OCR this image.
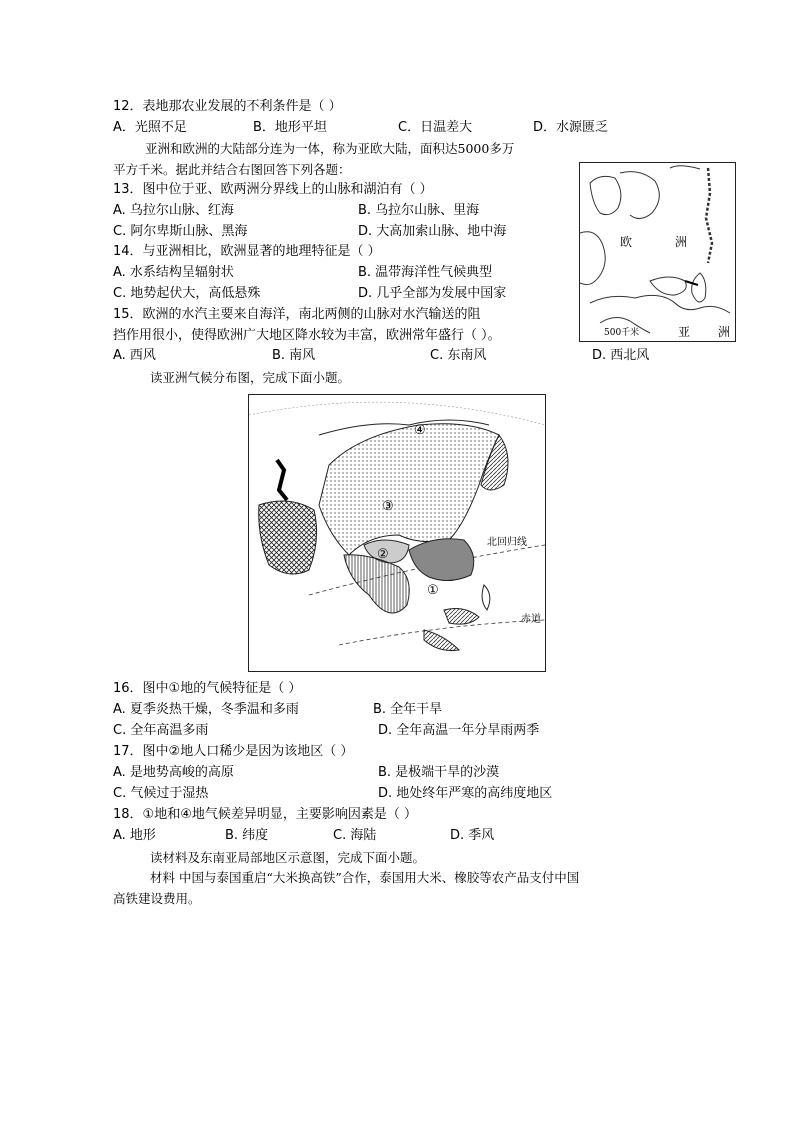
12．表地那农业发展的不利条件是（ ）
A．光照不足	B．地形平坦	C．日温差大	D．水源匮乏
亚洲和欧洲的大陆部分连为一体，称为亚欧大陆，面积达5000多万
平方千米。据此并结合右图回答下列各题：
13．图中位于亚、欧两洲分界线上的山脉和湖泊有（ ）
A. 乌拉尔山脉、红海	B. 乌拉尔山脉、里海
C. 阿尔卑斯山脉、黑海	D. 大高加索山脉、地中海
14．与亚洲相比，欧洲显著的地理特征是（ ）
A. 水系结构呈辐射状	B. 温带海洋性气候典型
C. 地势起伏大，高低悬殊	D. 几乎全部为发展中国家
15．欧洲的水汽主要来自海洋，南北两侧的山脉对水汽输送的阻
挡作用很小，使得欧洲广大地区降水较为丰富，欧洲常年盛行（ ）。
A. 西风	B. 南风	C. 东南风	D. 西北风
欧	洲
500千米	亚 洲
读亚洲气候分布图，完成下面小题。
①
②
③
④
北回归线
赤道
16．图中①地的气候特征是（ ）
A. 夏季炎热干燥，冬季温和多雨	B. 全年干旱
C. 全年高温多雨	D. 全年高温一年分旱雨两季
17．图中②地人口稀少是因为该地区（ ）
A. 是地势高峻的高原	B. 是极端干旱的沙漠
C. 气候过于湿热	D. 地处终年严寒的高纬度地区
18．①地和④地气候差异明显，主要影响因素是（ ）
A. 地形	B. 纬度	C. 海陆	D. 季风
读材料及东南亚局部地区示意图，完成下面小题。
材料 中国与泰国重启“大米换高铁”合作，泰国用大米、橡胶等农产品支付中国
高铁建设费用。
